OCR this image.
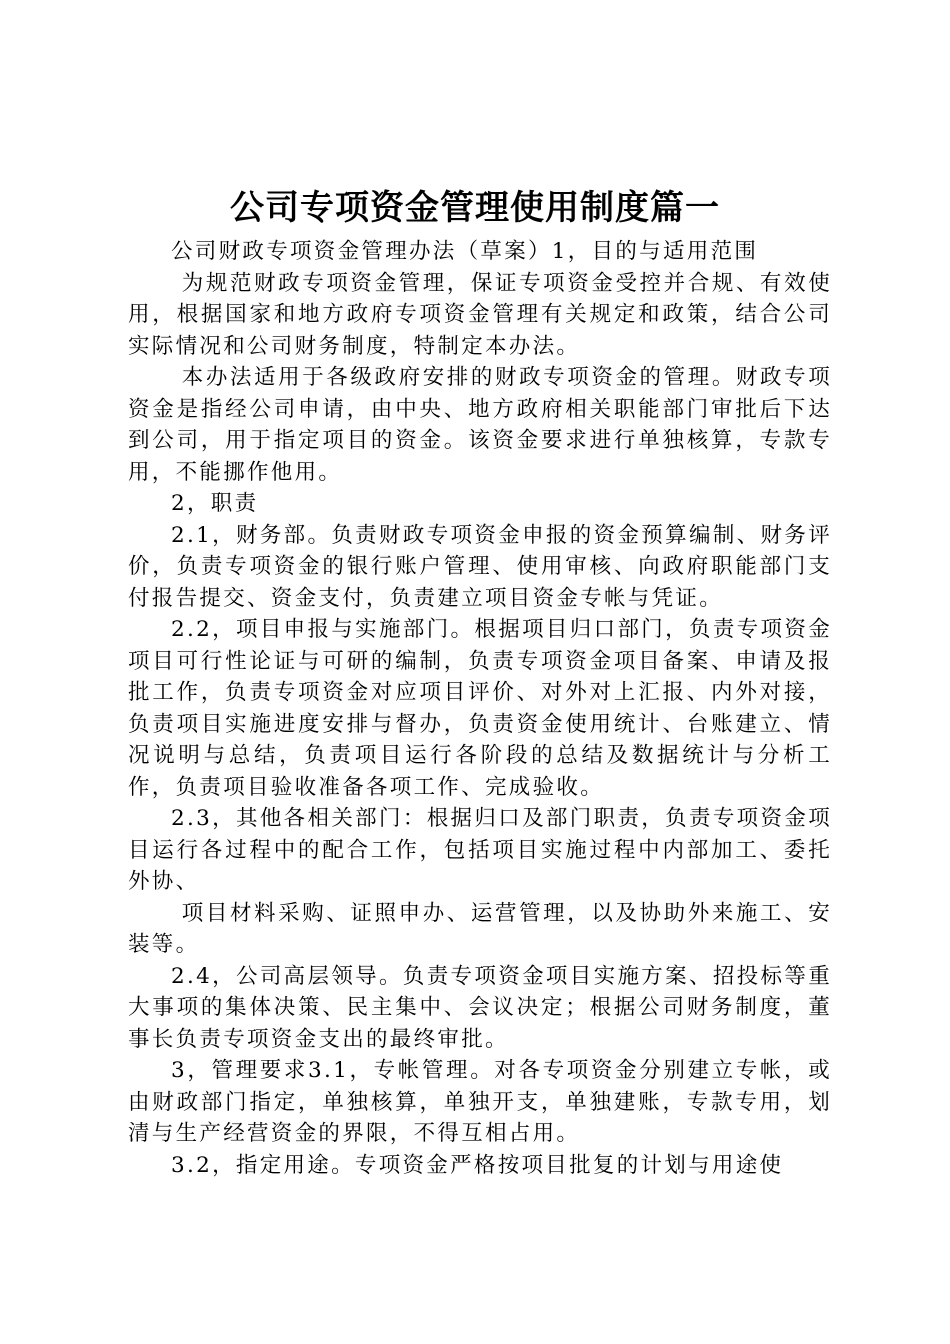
公司专项资金管理使用制度篇一

公司财政专项资金管理办法（草案）1，目的与适用范围

为规范财政专项资金管理，保证专项资金受控并合规、有效使用，根据国家和地方政府专项资金管理有关规定和政策，结合公司实际情况和公司财务制度，特制定本办法。

本办法适用于各级政府安排的财政专项资金的管理。财政专项资金是指经公司申请，由中央、地方政府相关职能部门审批后下达到公司，用于指定项目的资金。该资金要求进行单独核算，专款专用，不能挪作他用。

2，职责

2.1，财务部。负责财政专项资金申报的资金预算编制、财务评价，负责专项资金的银行账户管理、使用审核、向政府职能部门支付报告提交、资金支付，负责建立项目资金专帐与凭证。

2.2，项目申报与实施部门。根据项目归口部门，负责专项资金项目可行性论证与可研的编制，负责专项资金项目备案、申请及报批工作，负责专项资金对应项目评价、对外对上汇报、内外对接，负责项目实施进度安排与督办，负责资金使用统计、台账建立、情况说明与总结，负责项目运行各阶段的总结及数据统计与分析工作，负责项目验收准备各项工作、完成验收。

2.3，其他各相关部门：根据归口及部门职责，负责专项资金项目运行各过程中的配合工作，包括项目实施过程中内部加工、委托外协、

项目材料采购、证照申办、运营管理，以及协助外来施工、安装等。

2.4，公司高层领导。负责专项资金项目实施方案、招投标等重大事项的集体决策、民主集中、会议决定；根据公司财务制度，董事长负责专项资金支出的最终审批。

3，管理要求3.1，专帐管理。对各专项资金分别建立专帐，或由财政部门指定，单独核算，单独开支，单独建账，专款专用，划清与生产经营资金的界限，不得互相占用。

3.2，指定用途。专项资金严格按项目批复的计划与用途使
